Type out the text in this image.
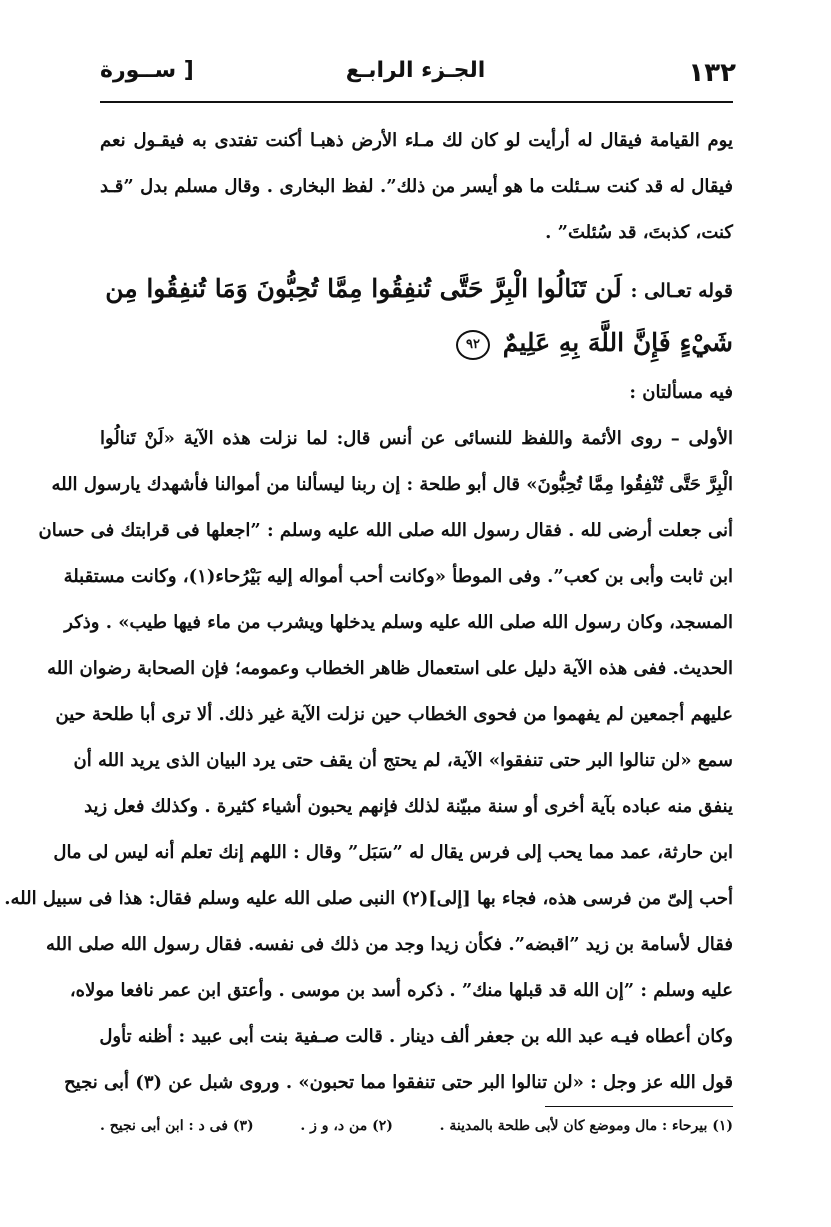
١٣٢
الجـزء الرابـع
[ ســورة
يوم القيامة فيقال له أرأيت لو كان لك مـل‍ء الأرض ذهبـا أكنت تفتدى به فيقـول نعم
فيقال له قد كنت سـئلت ما هو أيسر من ذلك”. لفظ البخارى . وقال مسلم بدل ”قـد
كنت، كذبتَ، قد سُئلتَ” .
قوله تعـالى : لَن تَنَالُوا الْبِرَّ حَتَّى تُنفِقُوا مِمَّا تُحِبُّونَ وَمَا تُنفِقُوا مِن
شَيْءٍ فَإِنَّ اللَّهَ بِهِ عَلِيمٌ ٩٢
فيه مسألتان :
الأولى – روى الأئمة واللفظ للنسائى عن أنس قال: لما نزلت هذه الآية «لَنْ تَنالُوا
الْبِرَّ حَتَّى تُنْفِقُوا مِمَّا تُحِبُّونَ» قال أبو طلحة : إن ربنا ليسألنا من أموالنا فأشهدك يارسول الله
أنى جعلت أرضى لله . فقال رسول الله صلى الله عليه وسلم : ”اجعلها فى قرابتك فى حسان
ابن ثابت وأبى بن كعب”. وفى الموطأ «وكانت أحب أمواله إليه بَيْرُحاء(١)، وكانت مستقبلة
المسجد، وكان رسول الله صلى الله عليه وسلم يدخلها ويشرب من ماء فيها طيب» . وذكر
الحديث. ففى هذه الآية دليل على استعمال ظاهر الخطاب وعمومه؛ فإن الصحابة رضوان الله
عليهم أجمعين لم يفهموا من فحوى الخطاب حين نزلت الآية غير ذلك. ألا ترى أبا طلحة حين
سمع «لن تنالوا البر حتى تنفقوا» الآية، لم يحتج أن يقف حتى يرد البيان الذى يريد الله أن
ينفق منه عباده بآية أخرى أو سنة مبيّنة لذلك فإنهم يحبون أشياء كثيرة . وكذلك فعل زيد
ابن حارثة، عمد مما يحب إلى فرس يقال له ”سَبَل” وقال : اللهم إنك تعلم أنه ليس لى مال
أحب إلىّ من فرسى هذه، فجاء بها [إلى](٢) النبى صلى الله عليه وسلم فقال: هذا فى سبيل الله.
فقال لأسامة بن زيد ”اقبضه”. فكأن زيدا وجد من ذلك فى نفسه. فقال رسول الله صلى الله
عليه وسلم : ”إن الله قد قبلها منك” . ذكره أسد بن موسى . وأعتق ابن عمر نافعا مولاه،
وكان أعطاه فيـه عبد الله بن جعفر ألف دينار . قالت صـفية بنت أبى عبيد : أظنه تأول
قول الله عز وجل : «لن تنالوا البر حتى تنفقوا مما تحبون» . وروى شبل عن (٣) أبى نجيح
(١) بيرحاء : مال وموضع كان لأبى طلحة بالمدينة .
(٢) من د، و ز .
(٣) فى د : ابن أبى نجيح .
